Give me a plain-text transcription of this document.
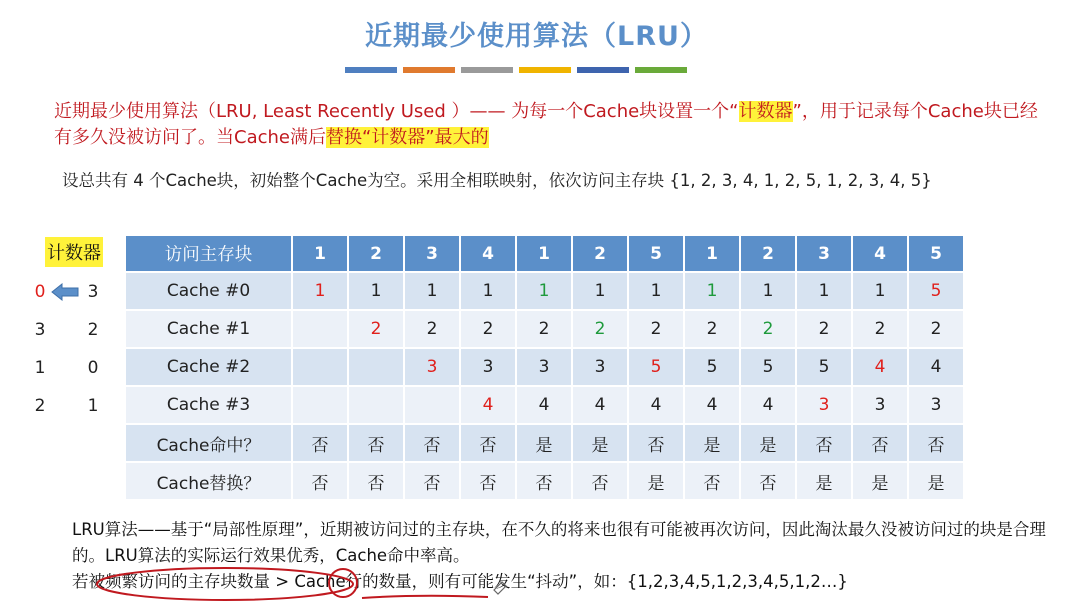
近期最少使用算法（LRU）
近期最少使用算法（LRU, Least Recently Used ）—— 为每一个Cache块设置一个“计数器”，用于记录每个Cache块已经有多久没被访问了。当Cache满后替换“计数器”最大的
设总共有 4 个Cache块，初始整个Cache为空。采用全相联映射，依次访问主存块 {1, 2, 3, 4, 1, 2, 5, 1, 2, 3, 4, 5}
计数器
0	3
3	2
1	0
2	1
访问主存块	1	2	3	4	1	2	5	1	2	3	4	5
Cache #0	1	1	1	1	1	1	1	1	1	1	1	5
Cache #1		2	2	2	2	2	2	2	2	2	2	2
Cache #2			3	3	3	3	5	5	5	5	4	4
Cache #3				4	4	4	4	4	4	3	3	3
Cache命中？	否	否	否	否	是	是	否	是	是	否	否	否
Cache替换？	否	否	否	否	否	否	是	否	否	是	是	是
LRU算法——基于“局部性原理”，近期被访问过的主存块，在不久的将来也很有可能被再次访问，因此淘汰最久没被访问过的块是合理的。LRU算法的实际运行效果优秀，Cache命中率高。
若被频繁访问的主存块数量 > Cache行的数量，则有可能发生“抖动”，如：{1,2,3,4,5,1,2,3,4,5,1,2…}
